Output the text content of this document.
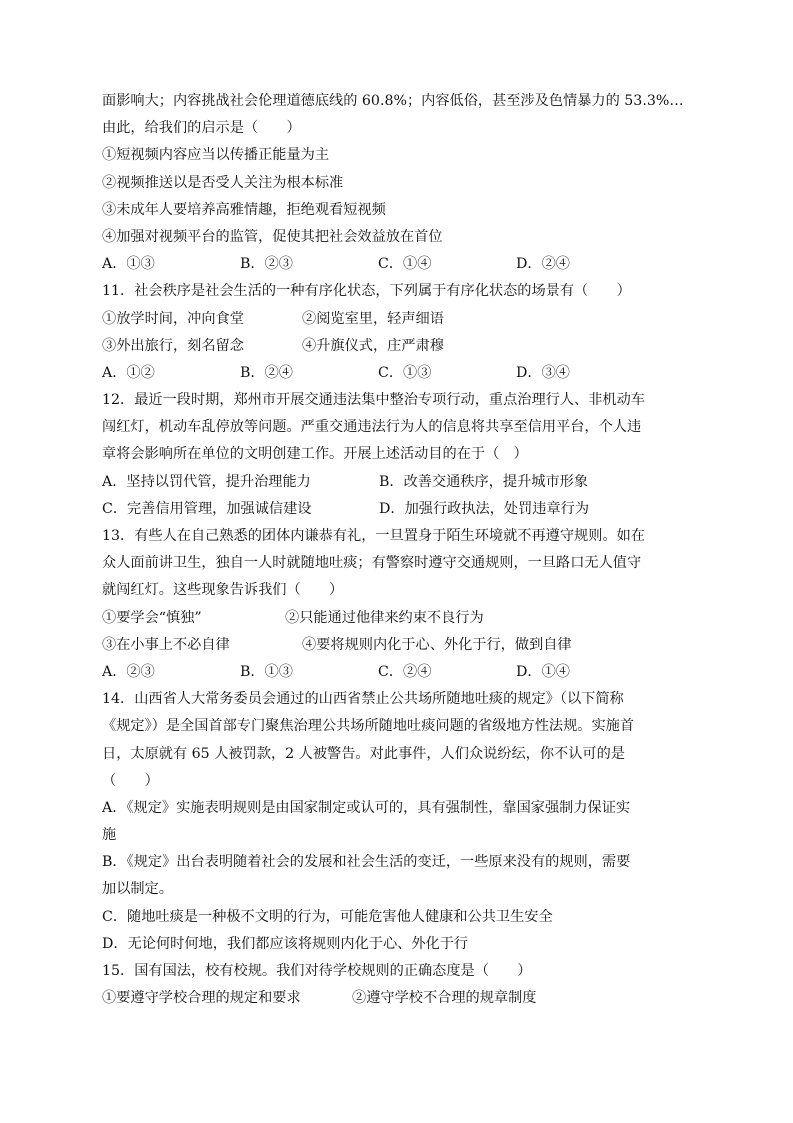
面影响大；内容挑战社会伦理道德底线的 60.8%；内容低俗，甚至涉及色情暴力的 53.3%…
由此，给我们的启示是（　　）
①短视频内容应当以传播正能量为主
②视频推送以是否受人关注为根本标准
③未成年人要培养高雅情趣，拒绝观看短视频
④加强对视频平台的监管，促使其把社会效益放在首位
A．①③	B．②③	C．①④	D．②④
11．社会秩序是社会生活的一种有序化状态，下列属于有序化状态的场景有（　　）
①放学时间，冲向食堂	②阅览室里，轻声细语
③外出旅行，刻名留念	④升旗仪式，庄严肃穆
A．①②	B．②④	C．①③	D．③④
12．最近一段时期，郑州市开展交通违法集中整治专项行动，重点治理行人、非机动车
闯红灯，机动车乱停放等问题。严重交通违法行为人的信息将共享至信用平台，个人违
章将会影响所在单位的文明创建工作。开展上述活动目的在于（　）
A．坚持以罚代管，提升治理能力	B．改善交通秩序，提升城市形象
C．完善信用管理，加强诚信建设	D．加强行政执法，处罚违章行为
13．有些人在自己熟悉的团体内谦恭有礼，一旦置身于陌生环境就不再遵守规则。如在
众人面前讲卫生，独自一人时就随地吐痰；有警察时遵守交通规则，一旦路口无人值守
就闯红灯。这些现象告诉我们（　　）
①要学会“慎独”	②只能通过他律来约束不良行为
③在小事上不必自律	④要将规则内化于心、外化于行，做到自律
A．②③	B．①③	C．②④	D．①④
14．山西省人大常务委员会通过的山西省禁止公共场所随地吐痰的规定》（以下简称
《规定》）是全国首部专门聚焦治理公共场所随地吐痰问题的省级地方性法规。实施首
日，太原就有 65 人被罚款，2 人被警告。对此事件，人们众说纷纭，你不认可的是
（　　）
A．《规定》实施表明规则是由国家制定或认可的，具有强制性，靠国家强制力保证实
施
B．《规定》出台表明随着社会的发展和社会生活的变迁，一些原来没有的规则，需要
加以制定。
C．随地吐痰是一种极不文明的行为，可能危害他人健康和公共卫生安全
D．无论何时何地，我们都应该将规则内化于心、外化于行
15．国有国法，校有校规。我们对待学校规则的正确态度是（　　）
①要遵守学校合理的规定和要求	②遵守学校不合理的规章制度
